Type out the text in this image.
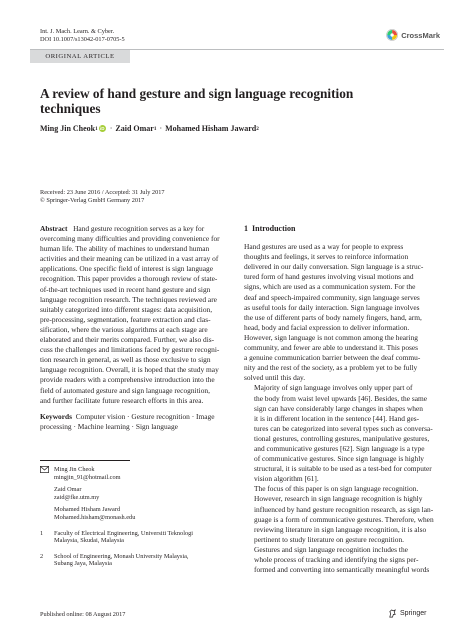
Int. J. Mach. Learn. & Cyber.
DOI 10.1007/s13042-017-0705-5	CrossMark
ORIGINAL ARTICLE
A review of hand gesture and sign language recognition techniques
Ming Jin Cheok 1 iD · Zaid Omar 1 · Mohamed Hisham Jaward 2
Received: 23 June 2016 / Accepted: 31 July 2017
© Springer-Verlag GmbH Germany 2017
Abstract Hand gesture recognition serves as a key for
overcoming many difficulties and providing convenience for
human life. The ability of machines to understand human
activities and their meaning can be utilized in a vast array of
applications. One specific field of interest is sign language
recognition. This paper provides a thorough review of state-
of-the-art techniques used in recent hand gesture and sign
language recognition research. The techniques reviewed are
suitably categorized into different stages: data acquisition,
pre-processing, segmentation, feature extraction and clas-
sification, where the various algorithms at each stage are
elaborated and their merits compared. Further, we also dis-
cuss the challenges and limitations faced by gesture recogni-
tion research in general, as well as those exclusive to sign
language recognition. Overall, it is hoped that the study may
provide readers with a comprehensive introduction into the
field of automated gesture and sign language recognition,
and further facilitate future research efforts in this area.
Keywords Computer vision · Gesture recognition · Image
processing · Machine learning · Sign language
Ming Jin Cheok
mingjin_91@hotmail.com
Zaid Omar
zaid@fke.utm.my
Mohamed Hisham Jaward
Mohamed.hisham@monash.edu
1	Faculty of Electrical Engineering, Universiti Teknologi
Malaysia, Skudai, Malaysia
2	School of Engineering, Monash University Malaysia,
Subang Jaya, Malaysia
1 Introduction
Hand gestures are used as a way for people to express
thoughts and feelings, it serves to reinforce information
delivered in our daily conversation. Sign language is a struc-
tured form of hand gestures involving visual motions and
signs, which are used as a communication system. For the
deaf and speech-impaired community, sign language serves
as useful tools for daily interaction. Sign language involves
the use of different parts of body namely fingers, hand, arm,
head, body and facial expression to deliver information.
However, sign language is not common among the hearing
community, and fewer are able to understand it. This poses
a genuine communication barrier between the deaf commu-
nity and the rest of the society, as a problem yet to be fully
solved until this day.
Majority of sign language involves only upper part of
the body from waist level upwards [46]. Besides, the same
sign can have considerably large changes in shapes when
it is in different location in the sentence [44]. Hand ges-
tures can be categorized into several types such as conversa-
tional gestures, controlling gestures, manipulative gestures,
and communicative gestures [62]. Sign language is a type
of communicative gestures. Since sign language is highly
structural, it is suitable to be used as a test-bed for computer
vision algorithm [61].
The focus of this paper is on sign language recognition.
However, research in sign language recognition is highly
influenced by hand gesture recognition research, as sign lan-
guage is a form of communicative gestures. Therefore, when
reviewing literature in sign language recognition, it is also
pertinent to study literature on gesture recognition.
Gestures and sign language recognition includes the
whole process of tracking and identifying the signs per-
formed and converting into semantically meaningful words
Published online: 08 August 2017	Springer
